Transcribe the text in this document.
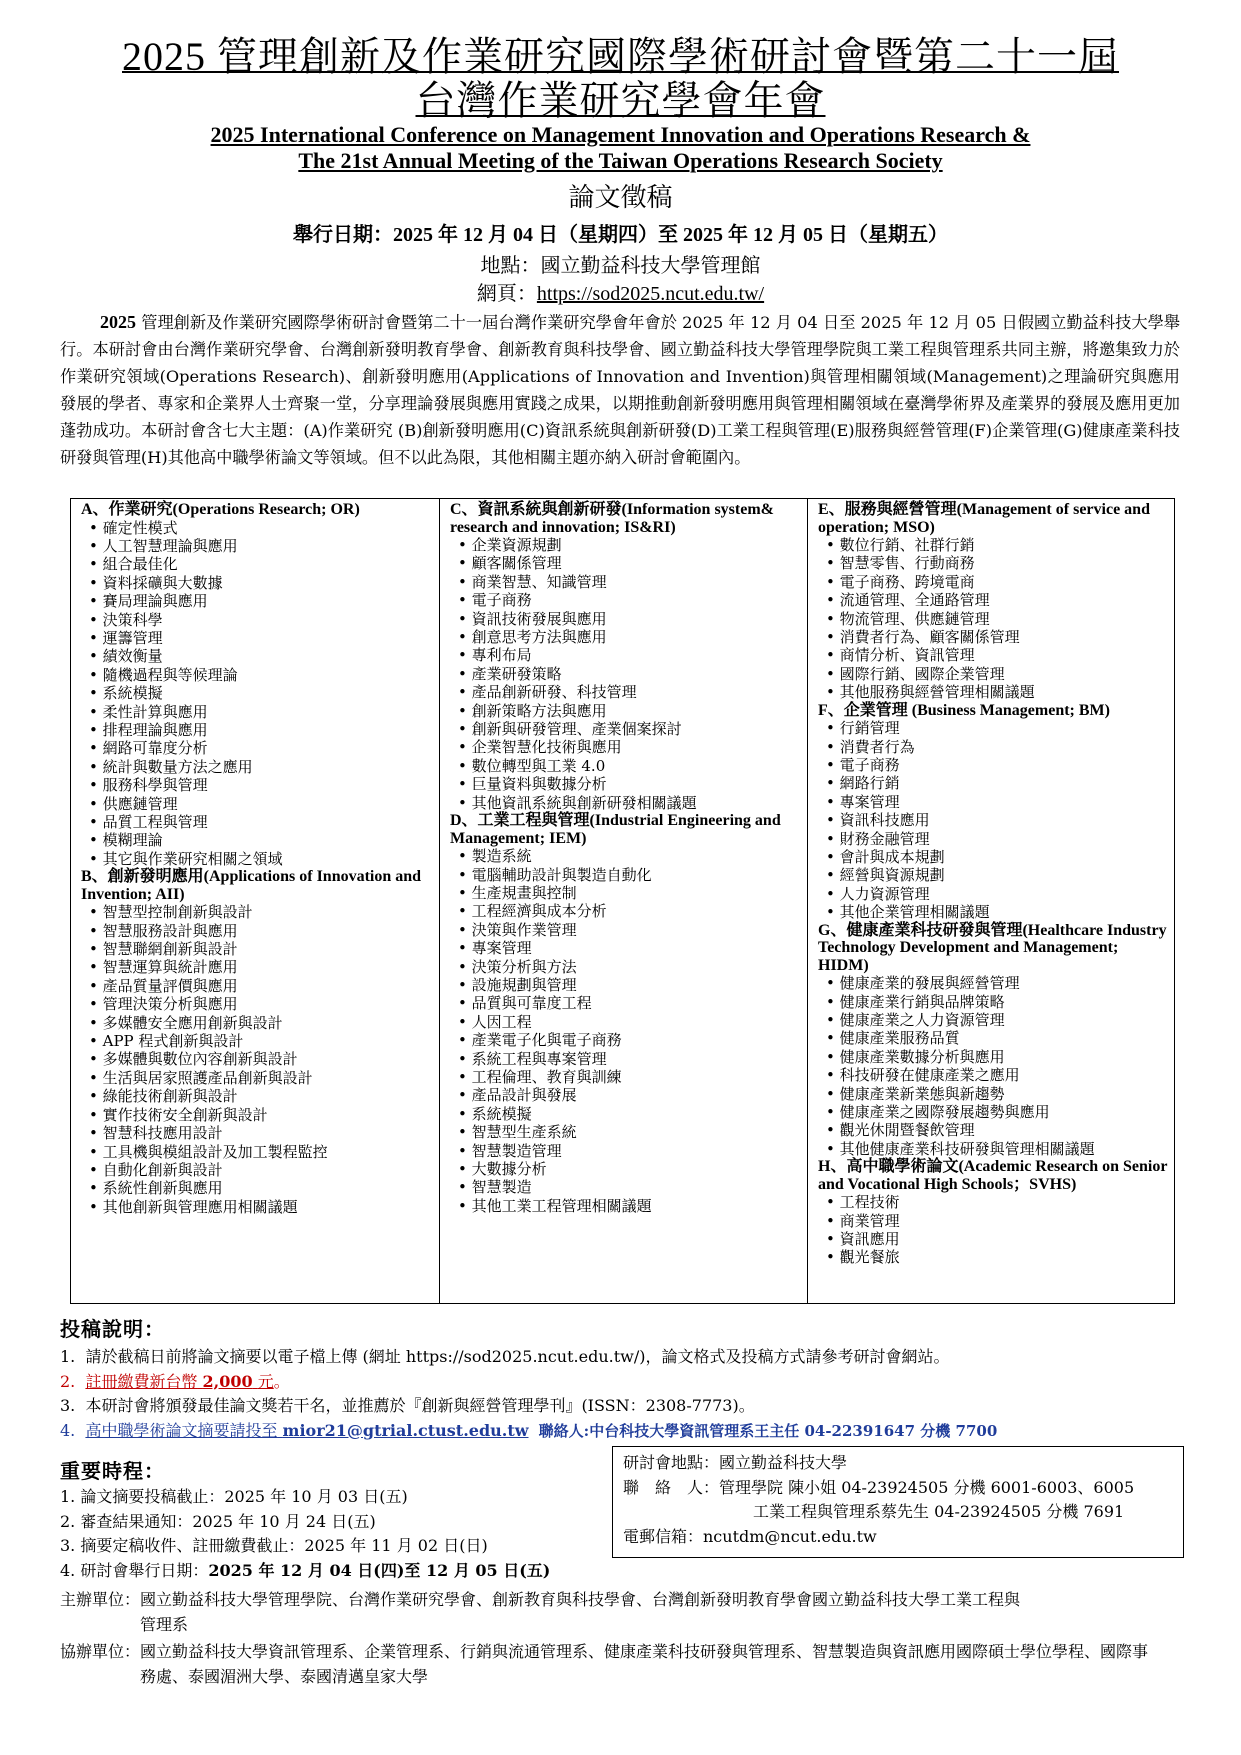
2025 管理創新及作業研究國際學術研討會暨第二十一屆
台灣作業研究學會年會
2025 International Conference on Management Innovation and Operations Research &
The 21st Annual Meeting of the Taiwan Operations Research Society
論文徵稿
舉行日期：2025 年 12 月 04 日（星期四）至 2025 年 12 月 05 日（星期五）
地點：國立勤益科技大學管理館
網頁：https://sod2025.ncut.edu.tw/
2025 管理創新及作業研究國際學術研討會暨第二十一屆台灣作業研究學會年會於 2025 年 12 月 04 日至 2025 年 12 月 05 日假國立勤益科技大學舉行。本研討會由台灣作業研究學會、台灣創新發明教育學會、創新教育與科技學會、國立勤益科技大學管理學院與工業工程與管理系共同主辦，將邀集致力於作業研究領域(Operations Research)、創新發明應用(Applications of Innovation and Invention)與管理相關領域(Management)之理論研究與應用發展的學者、專家和企業界人士齊聚一堂，分享理論發展與應用實踐之成果，以期推動創新發明應用與管理相關領域在臺灣學術界及產業界的發展及應用更加蓬勃成功。本研討會含七大主題：(A)作業研究 (B)創新發明應用(C)資訊系統與創新研發(D)工業工程與管理(E)服務與經營管理(F)企業管理(G)健康產業科技研發與管理(H)其他高中職學術論文等領域。但不以此為限，其他相關主題亦納入研討會範圍內。
A、作業研究(Operations Research; OR)
• 確定性模式
• 人工智慧理論與應用
• 組合最佳化
• 資料採礦與大數據
• 賽局理論與應用
• 決策科學
• 運籌管理
• 績效衡量
• 隨機過程與等候理論
• 系統模擬
• 柔性計算與應用
• 排程理論與應用
• 網路可靠度分析
• 統計與數量方法之應用
• 服務科學與管理
• 供應鏈管理
• 品質工程與管理
• 模糊理論
• 其它與作業研究相關之領域
B、創新發明應用(Applications of Innovation and Invention; AII)
• 智慧型控制創新與設計
• 智慧服務設計與應用
• 智慧聯網創新與設計
• 智慧運算與統計應用
• 產品質量評價與應用
• 管理決策分析與應用
• 多媒體安全應用創新與設計
• APP 程式創新與設計
• 多媒體與數位內容創新與設計
• 生活與居家照護產品創新與設計
• 綠能技術創新與設計
• 實作技術安全創新與設計
• 智慧科技應用設計
• 工具機與模組設計及加工製程監控
• 自動化創新與設計
• 系統性創新與應用
• 其他創新與管理應用相關議題
C、資訊系統與創新研發(Information system& research and innovation; IS&RI)
• 企業資源規劃
• 顧客關係管理
• 商業智慧、知識管理
• 電子商務
• 資訊技術發展與應用
• 創意思考方法與應用
• 專利布局
• 產業研發策略
• 產品創新研發、科技管理
• 創新策略方法與應用
• 創新與研發管理、產業個案探討
• 企業智慧化技術與應用
• 數位轉型與工業 4.0
• 巨量資料與數據分析
• 其他資訊系統與創新研發相關議題
D、工業工程與管理(Industrial Engineering and Management; IEM)
• 製造系統
• 電腦輔助設計與製造自動化
• 生產規畫與控制
• 工程經濟與成本分析
• 決策與作業管理
• 專案管理
• 決策分析與方法
• 設施規劃與管理
• 品質與可靠度工程
• 人因工程
• 產業電子化與電子商務
• 系統工程與專案管理
• 工程倫理、教育與訓練
• 產品設計與發展
• 系統模擬
• 智慧型生產系統
• 智慧製造管理
• 大數據分析
• 智慧製造
• 其他工業工程管理相關議題
E、服務與經營管理(Management of service and operation; MSO)
• 數位行銷、社群行銷
• 智慧零售、行動商務
• 電子商務、跨境電商
• 流通管理、全通路管理
• 物流管理、供應鏈管理
• 消費者行為、顧客關係管理
• 商情分析、資訊管理
• 國際行銷、國際企業管理
• 其他服務與經營管理相關議題
F、企業管理 (Business Management; BM)
• 行銷管理
• 消費者行為
• 電子商務
• 網路行銷
• 專案管理
• 資訊科技應用
• 財務金融管理
• 會計與成本規劃
• 經營與資源規劃
• 人力資源管理
• 其他企業管理相關議題
G、健康產業科技研發與管理(Healthcare Industry Technology Development and Management; HIDM)
• 健康產業的發展與經營管理
• 健康產業行銷與品牌策略
• 健康產業之人力資源管理
• 健康產業服務品質
• 健康產業數據分析與應用
• 科技研發在健康產業之應用
• 健康產業新業態與新趨勢
• 健康產業之國際發展趨勢與應用
• 觀光休閒暨餐飲管理
• 其他健康產業科技研發與管理相關議題
H、高中職學術論文(Academic Research on Senior and Vocational High Schools；SVHS)
• 工程技術
• 商業管理
• 資訊應用
• 觀光餐旅
投稿說明：
1. 請於截稿日前將論文摘要以電子檔上傳 (網址 https://sod2025.ncut.edu.tw/)，論文格式及投稿方式請參考研討會網站。
2. 註冊繳費新台幣 2,000 元。
3. 本研討會將頒發最佳論文獎若干名，並推薦於『創新與經營管理學刊』(ISSN：2308-7773)。
4. 高中職學術論文摘要請投至 mior21@gtrial.ctust.edu.tw 聯絡人:中台科技大學資訊管理系王主任 04-22391647 分機 7700
重要時程：
1. 論文摘要投稿截止：2025 年 10 月 03 日(五)
2. 審查結果通知：2025 年 10 月 24 日(五)
3. 摘要定稿收件、註冊繳費截止：2025 年 11 月 02 日(日)
4. 研討會舉行日期：2025 年 12 月 04 日(四)至 12 月 05 日(五)
研討會地點：國立勤益科技大學
聯　絡　人：管理學院 陳小姐 04-23924505 分機 6001-6003、6005
工業工程與管理系蔡先生 04-23924505 分機 7691
電郵信箱：ncutdm@ncut.edu.tw
主辦單位： 國立勤益科技大學管理學院、台灣作業研究學會、創新教育與科技學會、台灣創新發明教育學會國立勤益科技大學工業工程與管理系
協辦單位： 國立勤益科技大學資訊管理系、企業管理系、行銷與流通管理系、健康產業科技研發與管理系、智慧製造與資訊應用國際碩士學位學程、國際事務處、泰國湄洲大學、泰國清邁皇家大學
